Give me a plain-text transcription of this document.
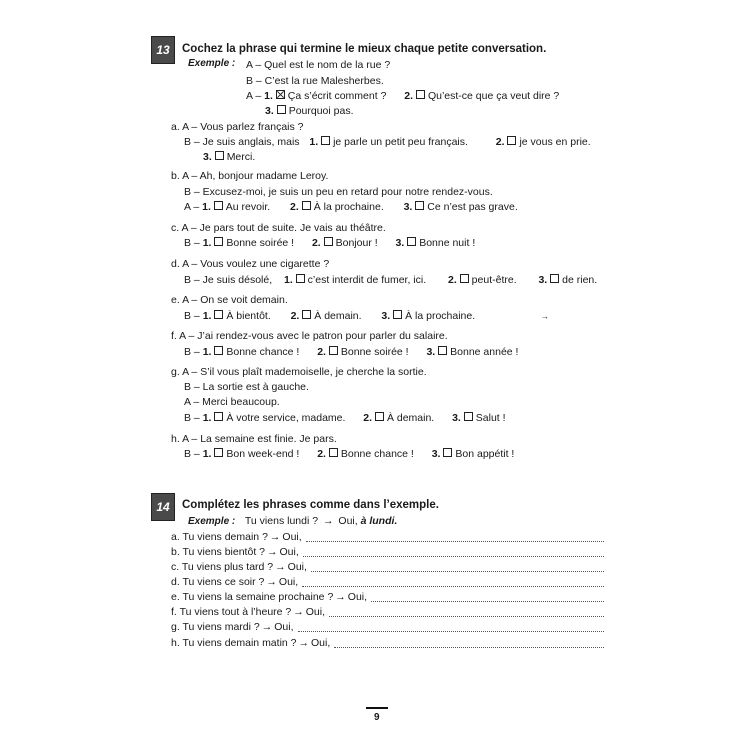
13 Cochez la phrase qui termine le mieux chaque petite conversation.
Exemple : A – Quel est le nom de la rue ?
B – C’est la rue Malesherbes.
A – 1. Ça s’écrit comment ? 2. Qu’est-ce que ça veut dire ?
3. Pourquoi pas.
a. A – Vous parlez français ?
B – Je suis anglais, mais 1. je parle un petit peu français.	2. je vous en prie.
3. Merci.
b. A – Ah, bonjour madame Leroy.
B – Excusez-moi, je suis un peu en retard pour notre rendez-vous.
A – 1. Au revoir. 2. À la prochaine. 3. Ce n’est pas grave.
c. A – Je pars tout de suite. Je vais au théâtre.
B – 1. Bonne soirée ! 2. Bonjour ! 3. Bonne nuit !
d. A – Vous voulez une cigarette ?
B – Je suis désolé, 1. c’est interdit de fumer, ici. 2. peut-être. 3. de rien.
e. A – On se voit demain.
B – 1. À bientôt. 2. À demain. 3. À la prochaine.	→
f. A – J’ai rendez-vous avec le patron pour parler du salaire.
B – 1. Bonne chance ! 2. Bonne soirée ! 3. Bonne année !
g. A – S’il vous plaît mademoiselle, je cherche la sortie.
B – La sortie est à gauche.
A – Merci beaucoup.
B – 1. À votre service, madame. 2. À demain. 3. Salut !
h. A – La semaine est finie. Je pars.
B – 1. Bon week-end ! 2. Bonne chance ! 3. Bon appétit !
14 Complétez les phrases comme dans l’exemple.
Exemple : Tu viens lundi ? → Oui, à lundi.
a. Tu viens demain ? → Oui,
b. Tu viens bientôt ? → Oui,
c. Tu viens plus tard ? → Oui,
d. Tu viens ce soir ? → Oui,
e. Tu viens la semaine prochaine ? → Oui,
f. Tu viens tout à l’heure ? → Oui,
g. Tu viens mardi ? → Oui,
h. Tu viens demain matin ? → Oui,
9
